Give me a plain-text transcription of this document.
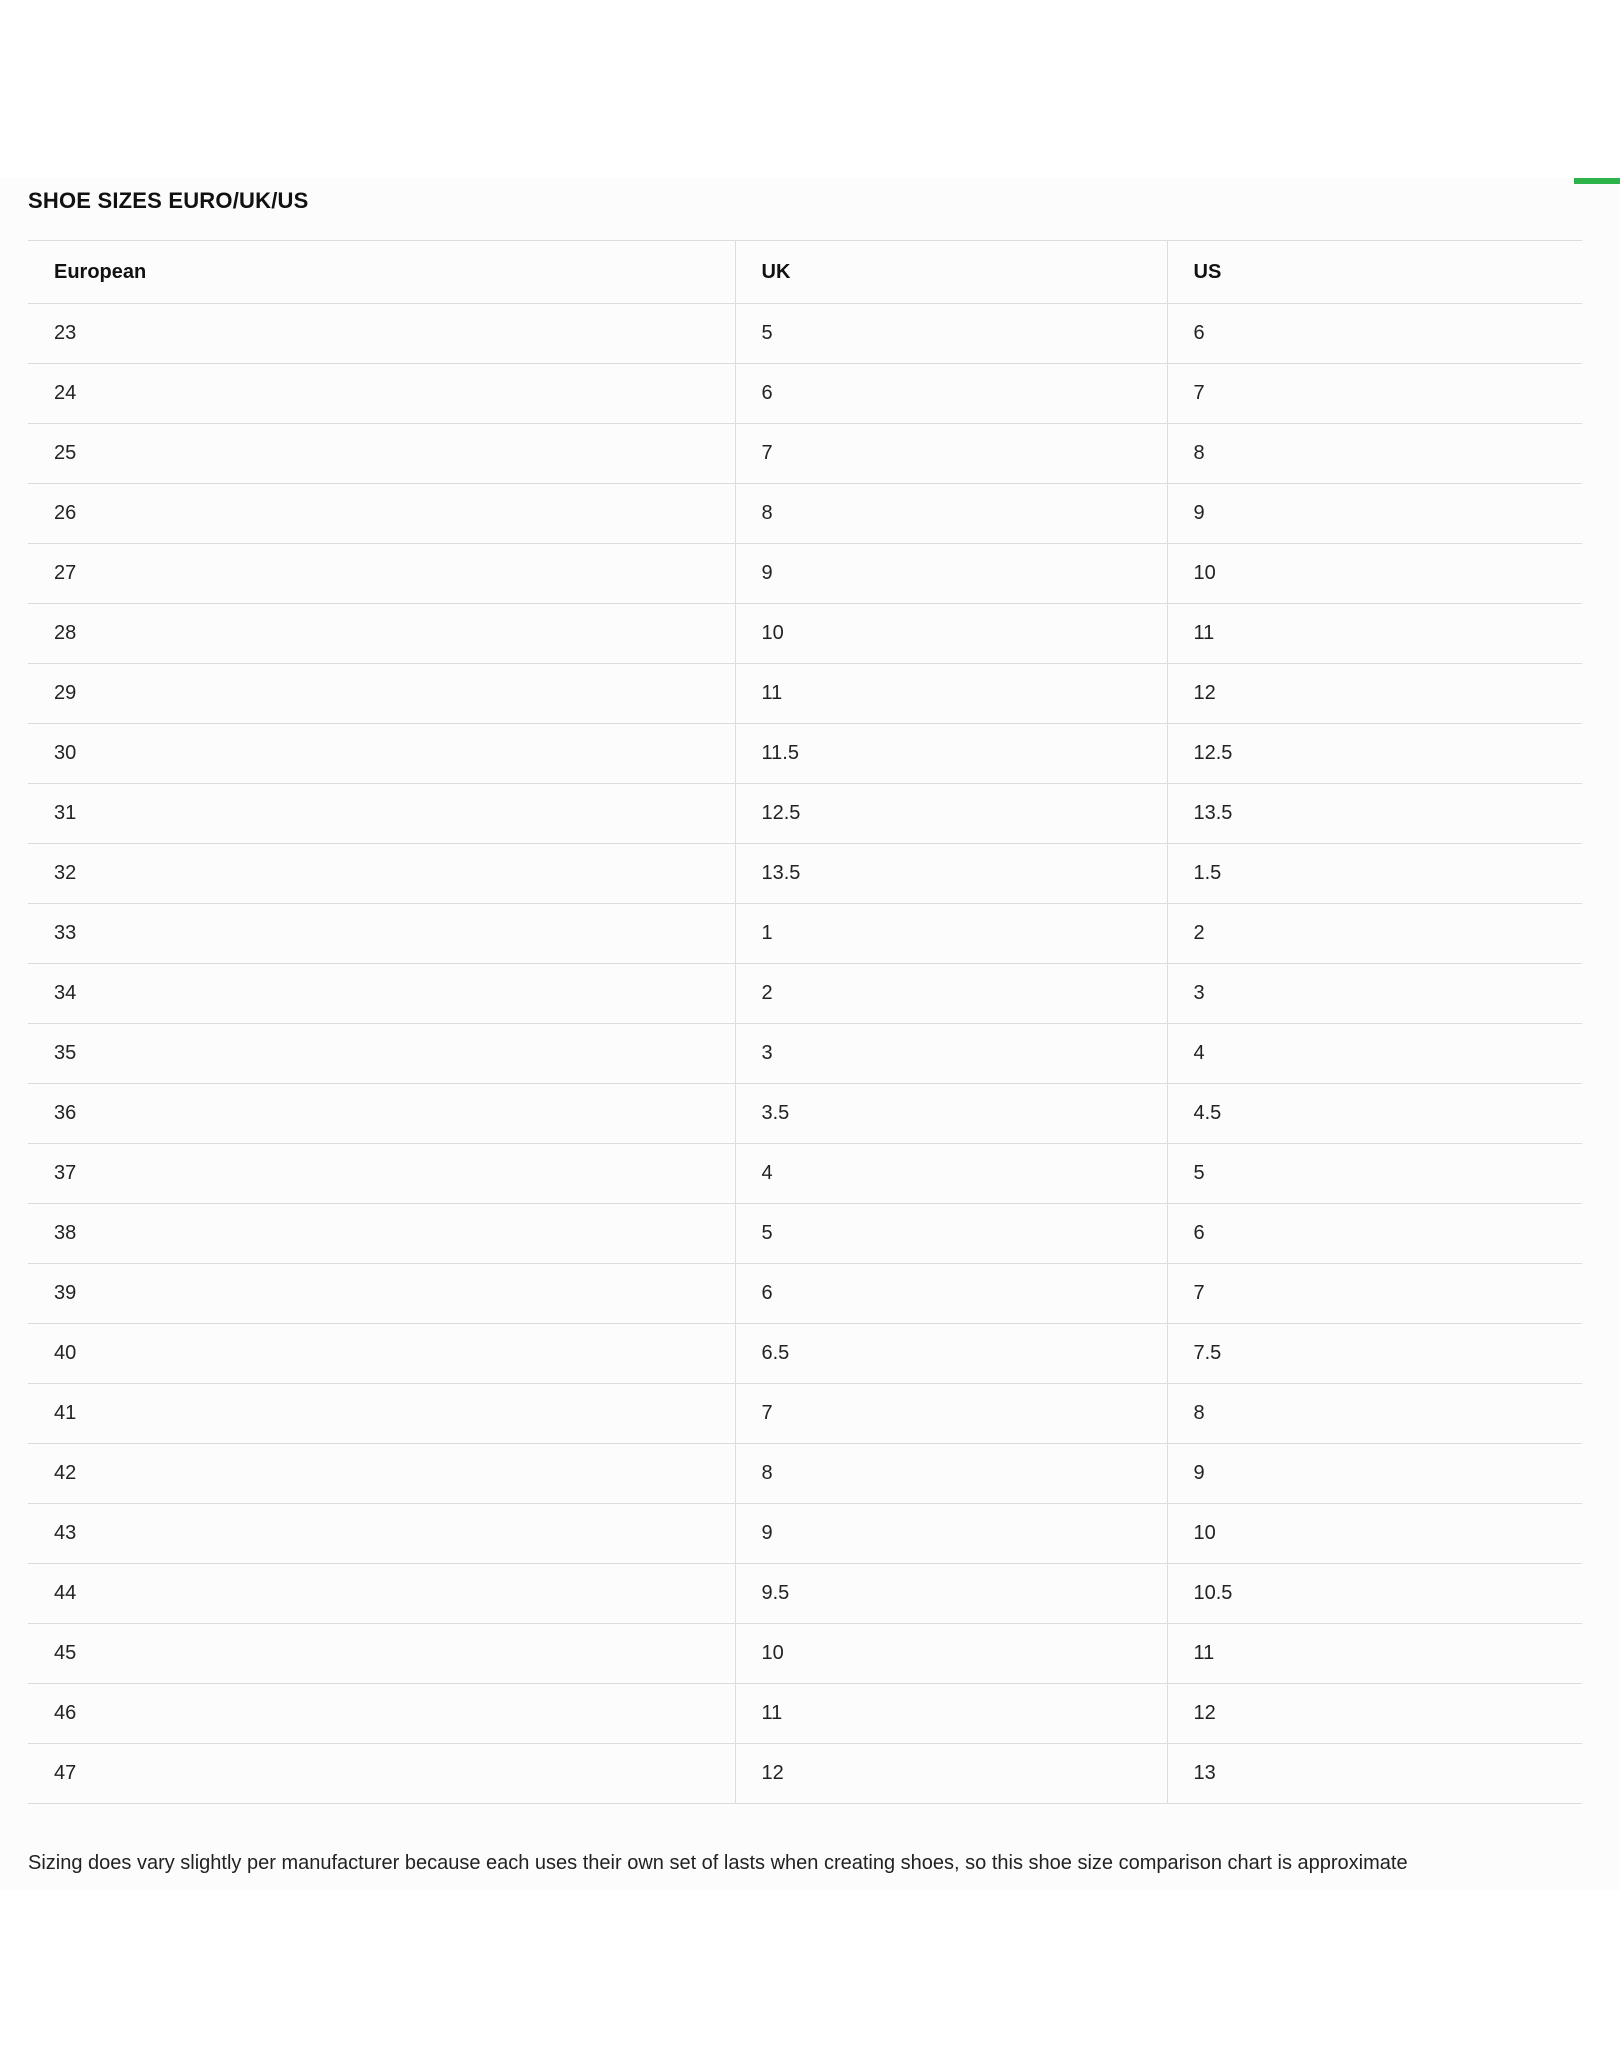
SHOE SIZES EURO/UK/US
European	UK	US
23	5	6
24	6	7
25	7	8
26	8	9
27	9	10
28	10	11
29	11	12
30	11.5	12.5
31	12.5	13.5
32	13.5	1.5
33	1	2
34	2	3
35	3	4
36	3.5	4.5
37	4	5
38	5	6
39	6	7
40	6.5	7.5
41	7	8
42	8	9
43	9	10
44	9.5	10.5
45	10	11
46	11	12
47	12	13
Sizing does vary slightly per manufacturer because each uses their own set of lasts when creating shoes, so this shoe size comparison chart is approximate
